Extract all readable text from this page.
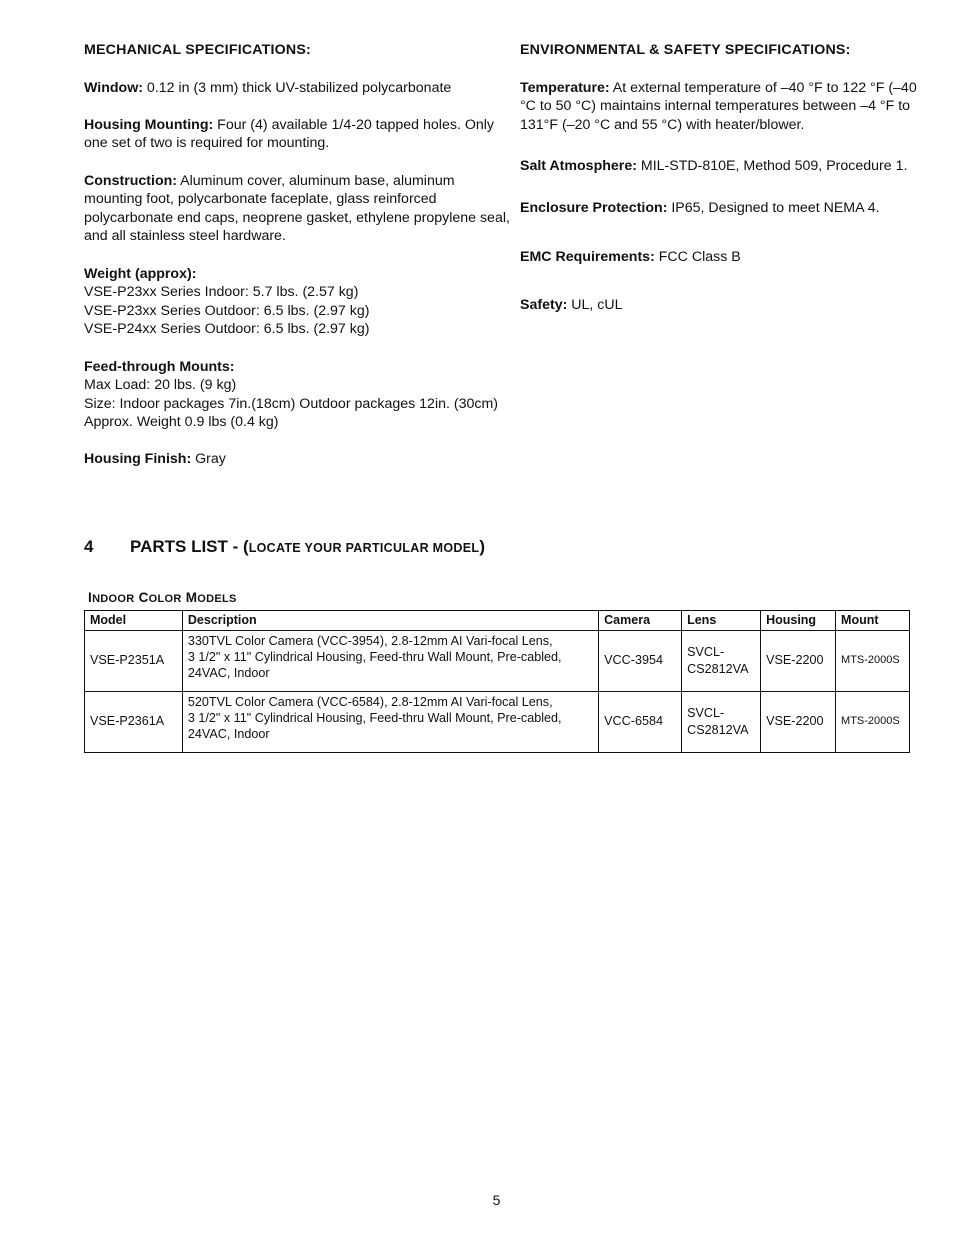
MECHANICAL SPECIFICATIONS:
Window: 0.12 in (3 mm) thick UV-stabilized polycarbonate
Housing Mounting: Four (4) available 1/4-20 tapped holes. Only one set of two is required for mounting.
Construction: Aluminum cover, aluminum base, aluminum mounting foot, polycarbonate faceplate, glass reinforced polycarbonate end caps, neoprene gasket, ethylene propylene seal, and all stainless steel hardware.
Weight (approx):
VSE-P23xx Series Indoor: 5.7 lbs. (2.57 kg)
VSE-P23xx Series Outdoor: 6.5 lbs. (2.97 kg)
VSE-P24xx Series Outdoor: 6.5 lbs. (2.97 kg)
Feed-through Mounts:
Max Load: 20 lbs. (9 kg)
Size: Indoor packages 7in.(18cm) Outdoor packages 12in. (30cm)
Approx. Weight 0.9 lbs (0.4 kg)
Housing Finish: Gray
ENVIRONMENTAL & SAFETY SPECIFICATIONS:
Temperature: At external temperature of –40 °F to 122 °F (–40 °C to 50 °C) maintains internal temperatures between –4 °F to 131°F (–20 °C and 55 °C) with heater/blower.
Salt Atmosphere: MIL-STD-810E, Method 509, Procedure 1.
Enclosure Protection: IP65, Designed to meet NEMA 4.
EMC Requirements: FCC Class B
Safety: UL, cUL
4 PARTS LIST - (LOCATE YOUR PARTICULAR MODEL)
INDOOR COLOR MODELS
Model	Description	Camera	Lens	Housing	Mount
VSE-P2351A	330TVL Color Camera (VCC-3954), 2.8-12mm AI Vari-focal Lens,
3 1/2" x 11" Cylindrical Housing, Feed-thru Wall Mount, Pre-cabled,
24VAC, Indoor	VCC-3954	SVCL-
CS2812VA	VSE-2200	MTS-2000S
VSE-P2361A	520TVL Color Camera (VCC-6584), 2.8-12mm AI Vari-focal Lens,
3 1/2" x 11" Cylindrical Housing, Feed-thru Wall Mount, Pre-cabled,
24VAC, Indoor	VCC-6584	SVCL-
CS2812VA	VSE-2200	MTS-2000S
5
